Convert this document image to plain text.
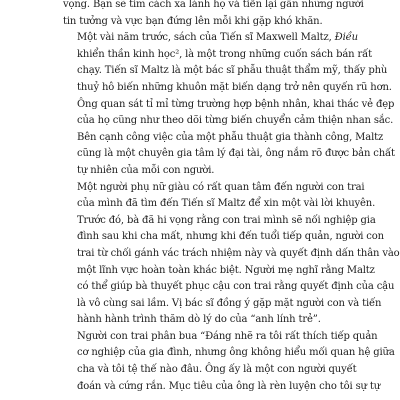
vọng. Bạn sẽ tìm cách xa lánh họ và tiến lại gần những người
tin tưởng và vực bạn đứng lên mỗi khi gặp khó khăn.

Một vài năm trước, sách của Tiến sĩ Maxwell Maltz, Điều
khiển thần kinh học², là một trong những cuốn sách bán rất
chạy. Tiến sĩ Maltz là một bác sĩ phẫu thuật thẩm mỹ, thấy phù
thuỷ hô biến những khuôn mặt biến dạng trở nên quyến rũ hơn.
Ông quan sát tỉ mỉ từng trường hợp bệnh nhân, khai thác vẻ đẹp
của họ cũng như theo dõi từng biến chuyển cảm thiện nhan sắc.
Bên cạnh công việc của một phẫu thuật gia thành công, Maltz
cũng là một chuyên gia tâm lý đại tài, ông nắm rõ được bản chất
tự nhiên của mỗi con người.

Một người phụ nữ giàu có rất quan tâm đến người con trai
của mình đã tìm đến Tiến sĩ Maltz để xin một vài lời khuyên.
Trước đó, bà đã hi vọng rằng con trai mình sẽ nối nghiệp gia
đình sau khi cha mất, nhưng khi đến tuổi tiếp quản, người con
trai từ chối gánh vác trách nhiệm này và quyết định dấn thân vào
một lĩnh vực hoàn toàn khác biệt. Người mẹ nghĩ rằng Maltz
có thể giúp bà thuyết phục cậu con trai rằng quyết định của cậu
là vô cùng sai lầm. Vị bác sĩ đồng ý gặp mặt người con và tiến
hành hành trình thăm dò lý do của “anh lính trẻ”.

Người con trai phân bua “Đáng nhẽ ra tôi rất thích tiếp quản
cơ nghiệp của gia đình, nhưng ông không hiểu mối quan hệ giữa
cha và tôi tệ thế nào đâu. Ông ấy là một con người quyết
đoán và cứng rắn. Mục tiêu của ông là rèn luyện cho tôi sự tự
